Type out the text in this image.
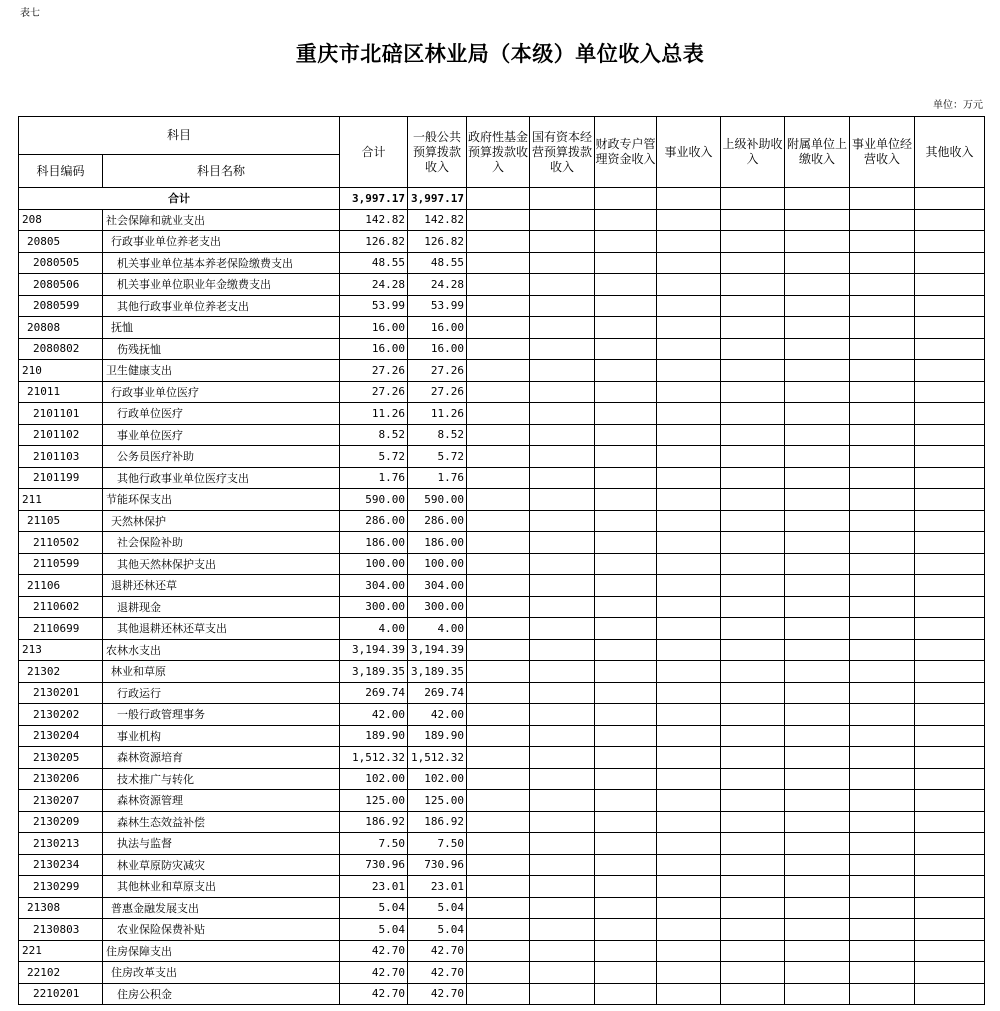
表七
重庆市北碚区林业局（本级）单位收入总表
单位：万元
科目		合计	一般公共预算拨款收入	政府性基金预算拨款收入	国有资本经营预算拨款收入	财政专户管理资金收入	事业收入	上级补助收入	附属单位上缴收入	事业单位经营收入	其他收入
科目编码	科目名称										
合计		3,997.17	3,997.17								
208	社会保障和就业支出	142.82	142.82								
20805	行政事业单位养老支出	126.82	126.82								
2080505	机关事业单位基本养老保险缴费支出	48.55	48.55								
2080506	机关事业单位职业年金缴费支出	24.28	24.28								
2080599	其他行政事业单位养老支出	53.99	53.99								
20808	抚恤	16.00	16.00								
2080802	伤残抚恤	16.00	16.00								
210	卫生健康支出	27.26	27.26								
21011	行政事业单位医疗	27.26	27.26								
2101101	行政单位医疗	11.26	11.26								
2101102	事业单位医疗	8.52	8.52								
2101103	公务员医疗补助	5.72	5.72								
2101199	其他行政事业单位医疗支出	1.76	1.76								
211	节能环保支出	590.00	590.00								
21105	天然林保护	286.00	286.00								
2110502	社会保险补助	186.00	186.00								
2110599	其他天然林保护支出	100.00	100.00								
21106	退耕还林还草	304.00	304.00								
2110602	退耕现金	300.00	300.00								
2110699	其他退耕还林还草支出	4.00	4.00								
213	农林水支出	3,194.39	3,194.39								
21302	林业和草原	3,189.35	3,189.35								
2130201	行政运行	269.74	269.74								
2130202	一般行政管理事务	42.00	42.00								
2130204	事业机构	189.90	189.90								
2130205	森林资源培育	1,512.32	1,512.32								
2130206	技术推广与转化	102.00	102.00								
2130207	森林资源管理	125.00	125.00								
2130209	森林生态效益补偿	186.92	186.92								
2130213	执法与监督	7.50	7.50								
2130234	林业草原防灾减灾	730.96	730.96								
2130299	其他林业和草原支出	23.01	23.01								
21308	普惠金融发展支出	5.04	5.04								
2130803	农业保险保费补贴	5.04	5.04								
221	住房保障支出	42.70	42.70								
22102	住房改革支出	42.70	42.70								
2210201	住房公积金	42.70	42.70								
